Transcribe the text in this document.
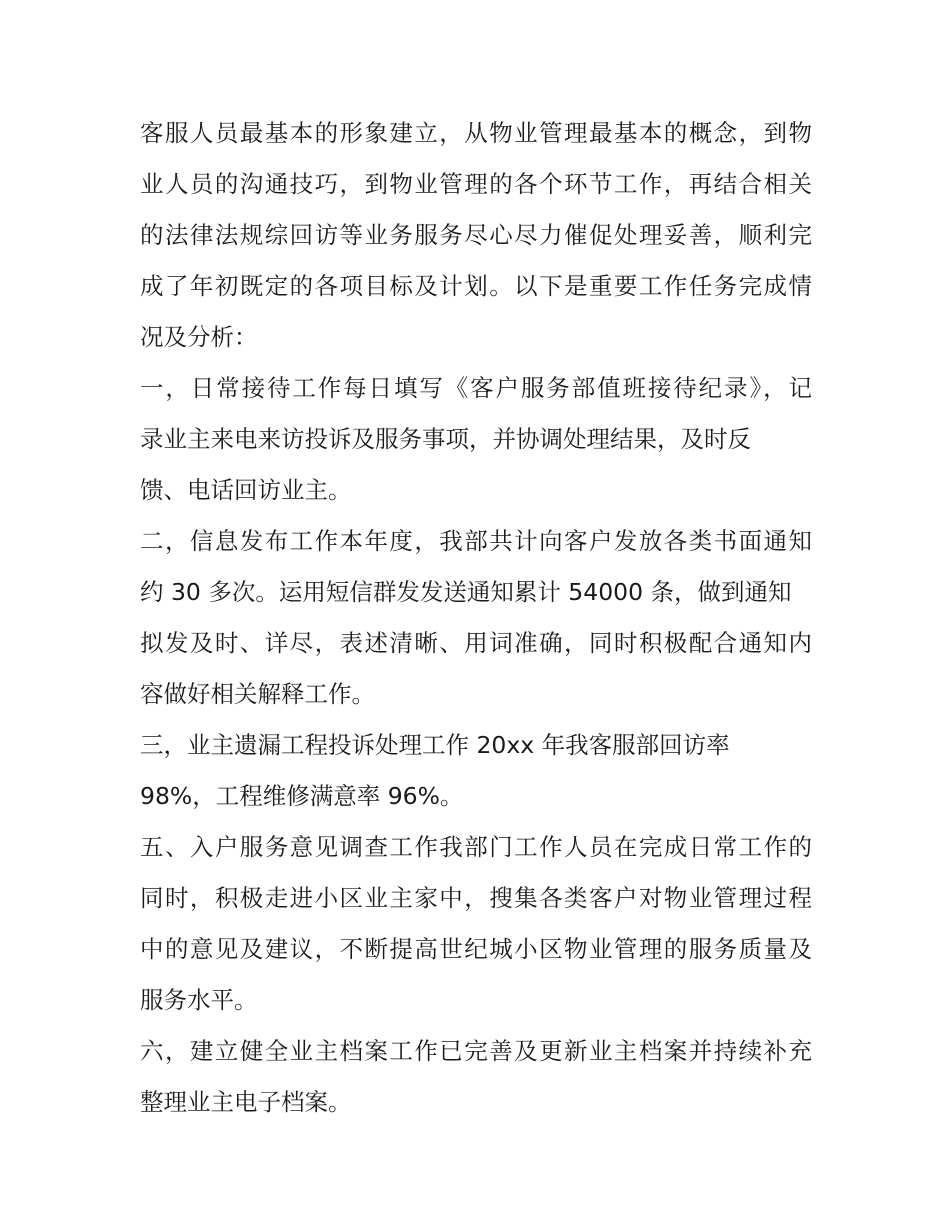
客服人员最基本的形象建立，从物业管理最基本的概念，到物
业人员的沟通技巧，到物业管理的各个环节工作，再结合相关
的法律法规综回访等业务服务尽心尽力催促处理妥善，顺利完
成了年初既定的各项目标及计划。以下是重要工作任务完成情
况及分析：
一，日常接待工作每日填写《客户服务部值班接待纪录》，记
录业主来电来访投诉及服务事项，并协调处理结果，及时反
馈、电话回访业主。
二，信息发布工作本年度，我部共计向客户发放各类书面通知
约 30 多次。运用短信群发发送通知累计 54000 条，做到通知
拟发及时、详尽，表述清晰、用词准确，同时积极配合通知内
容做好相关解释工作。
三，业主遗漏工程投诉处理工作 20xx 年我客服部回访率
98%，工程维修满意率 96%。
五、入户服务意见调查工作我部门工作人员在完成日常工作的
同时，积极走进小区业主家中，搜集各类客户对物业管理过程
中的意见及建议，不断提高世纪城小区物业管理的服务质量及
服务水平。
六，建立健全业主档案工作已完善及更新业主档案并持续补充
整理业主电子档案。
